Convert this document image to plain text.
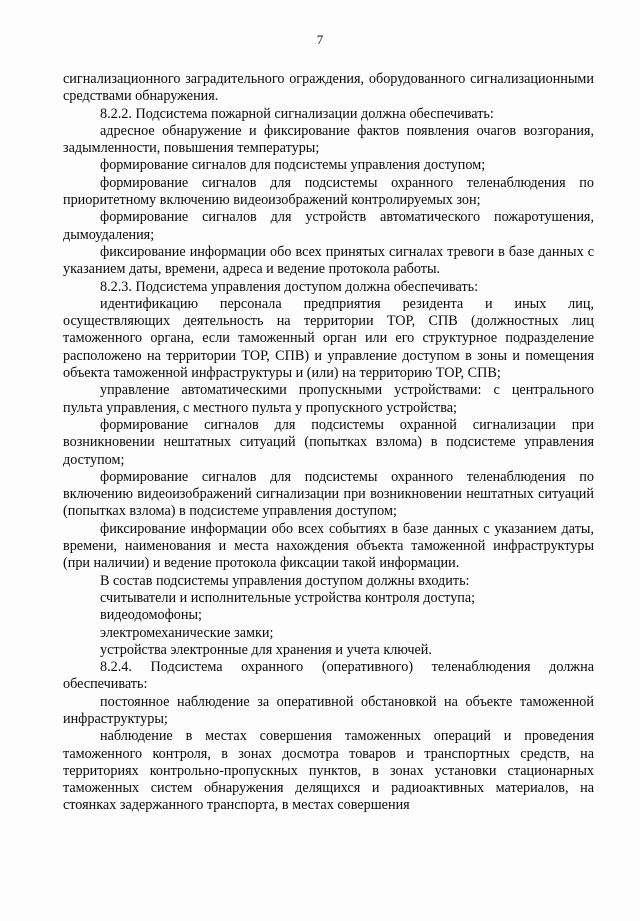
7

сигнализационного заградительного ограждения, оборудованного сигнализационными средствами обнаружения.

8.2.2. Подсистема пожарной сигнализации должна обеспечивать:

адресное обнаружение и фиксирование фактов появления очагов возгорания, задымленности, повышения температуры;

формирование сигналов для подсистемы управления доступом;

формирование сигналов для подсистемы охранного теленаблюдения по приоритетному включению видеоизображений контролируемых зон;

формирование сигналов для устройств автоматического пожаротушения, дымоудаления;

фиксирование информации обо всех принятых сигналах тревоги в базе данных с указанием даты, времени, адреса и ведение протокола работы.

8.2.3. Подсистема управления доступом должна обеспечивать:

идентификацию персонала предприятия резидента и иных лиц, осуществляющих деятельность на территории ТОР, СПВ (должностных лиц таможенного органа, если таможенный орган или его структурное подразделение расположено на территории ТОР, СПВ) и управление доступом в зоны и помещения объекта таможенной инфраструктуры и (или) на территорию ТОР, СПВ;

управление автоматическими пропускными устройствами: с центрального пульта управления, с местного пульта у пропускного устройства;

формирование сигналов для подсистемы охранной сигнализации при возникновении нештатных ситуаций (попытках взлома) в подсистеме управления доступом;

формирование сигналов для подсистемы охранного теленаблюдения по включению видеоизображений сигнализации при возникновении нештатных ситуаций (попытках взлома) в подсистеме управления доступом;

фиксирование информации обо всех событиях в базе данных с указанием даты, времени, наименования и места нахождения объекта таможенной инфраструктуры (при наличии) и ведение протокола фиксации такой информации.

В состав подсистемы управления доступом должны входить:

считыватели и исполнительные устройства контроля доступа;

видеодомофоны;

электромеханические замки;

устройства электронные для хранения и учета ключей.

8.2.4. Подсистема охранного (оперативного) теленаблюдения должна обеспечивать:

постоянное наблюдение за оперативной обстановкой на объекте таможенной инфраструктуры;

наблюдение в местах совершения таможенных операций и проведения таможенного контроля, в зонах досмотра товаров и транспортных средств, на территориях контрольно-пропускных пунктов, в зонах установки стационарных таможенных систем обнаружения делящихся и радиоактивных материалов, на стоянках задержанного транспорта, в местах совершения
